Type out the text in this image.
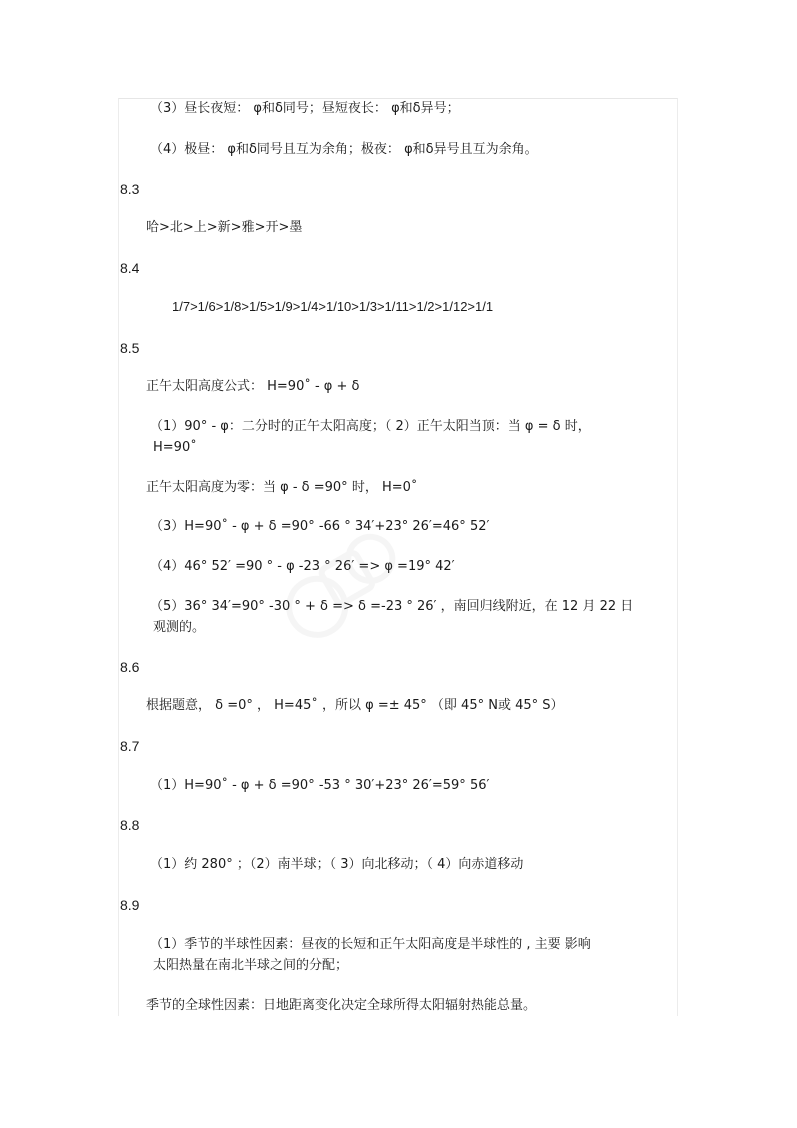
（3）昼长夜短： φ和δ同号；昼短夜长： φ和δ异号；
（4）极昼： φ和δ同号且互为余角；极夜： φ和δ异号且互为余角。
8.3
哈>北>上>新>雅>开>墨
8.4
1/7>1/6>1/8>1/5>1/9>1/4>1/10>1/3>1/11>1/2>1/12>1/1
8.5
正午太阳高度公式： H=90˚ - φ + δ
（1）90° - φ：二分时的正午太阳高度；（ 2）正午太阳当顶：当 φ = δ 时，
H=90˚
正午太阳高度为零：当 φ - δ =90° 时， H=0˚
（3）H=90˚ - φ + δ =90° -66 ° 34′+23° 26′=46° 52′
（4）46° 52′ =90 ° - φ -23 ° 26′ => φ =19° 42′
（5）36° 34′=90° -30 ° + δ => δ =-23 ° 26′ ，南回归线附近，在 12 月 22 日
观测的。
8.6
根据题意， δ =0° ， H=45˚ ，所以 φ =± 45° （即 45° N或 45° S）
8.7
（1）H=90˚ - φ + δ =90° -53 ° 30′+23° 26′=59° 56′
8.8
（1）约 280° ；（2）南半球；（ 3）向北移动；（ 4）向赤道移动
8.9
（1）季节的半球性因素：昼夜的长短和正午太阳高度是半球性的 , 主要 影响
太阳热量在南北半球之间的分配；
季节的全球性因素：日地距离变化决定全球所得太阳辐射热能总量。
